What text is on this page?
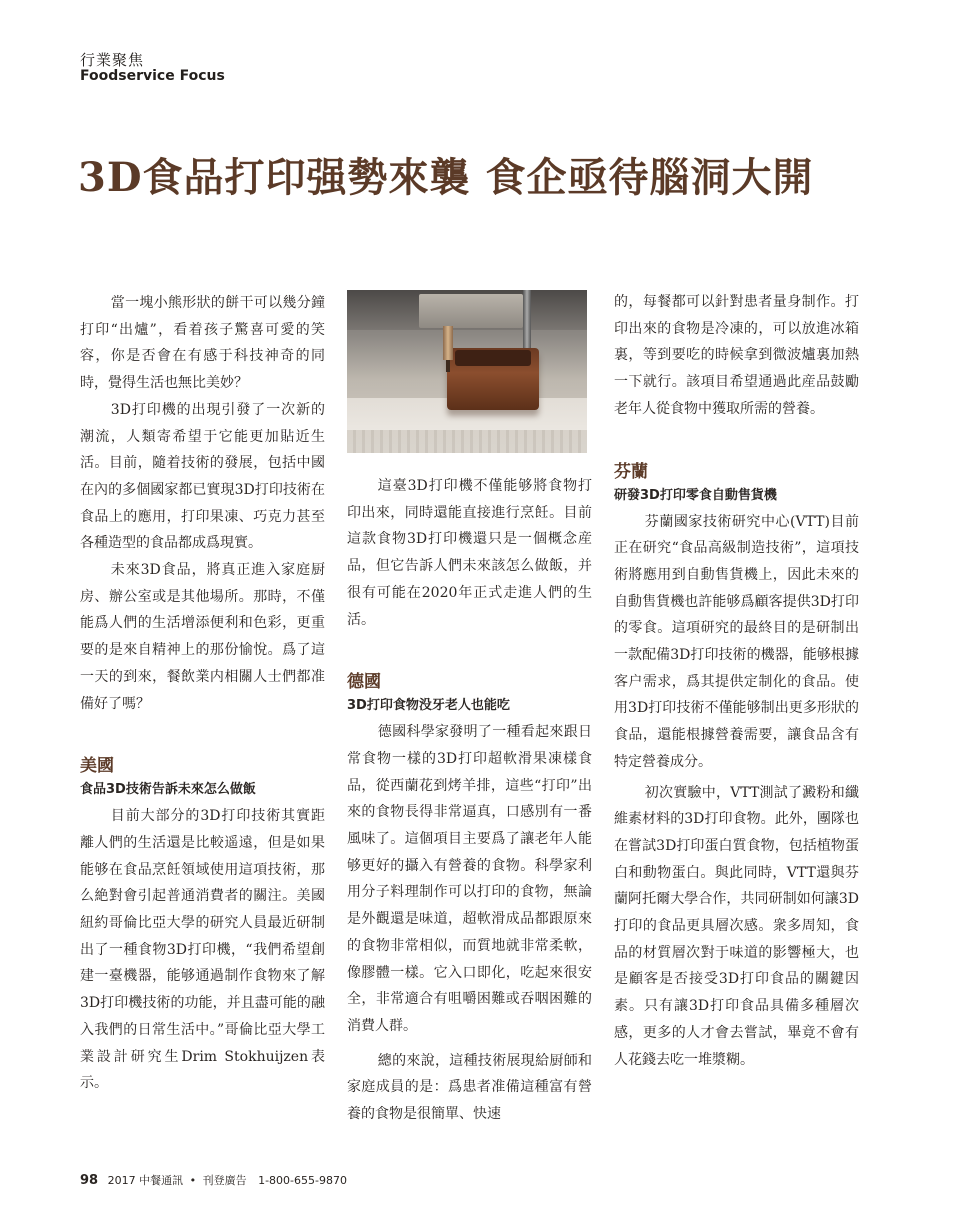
行業聚焦
Foodservice Focus
3D食品打印强勢來襲 食企亟待腦洞大開

當一塊小熊形狀的餅干可以幾分鐘打印“出爐”，看着孩子驚喜可愛的笑容，你是否會在有感于科技神奇的同時，覺得生活也無比美妙？

3D打印機的出現引發了一次新的潮流，人類寄希望于它能更加貼近生活。目前，隨着技術的發展，包括中國在內的多個國家都已實現3D打印技術在食品上的應用，打印果凍、巧克力甚至各種造型的食品都成爲現實。

未來3D食品，將真正進入家庭厨房、辦公室或是其他場所。那時，不僅能爲人們的生活增添便利和色彩，更重要的是來自精神上的那份愉悅。爲了這一天的到來，餐飲業内相關人士們都准備好了嗎？

美國
食品3D技術告訴未來怎么做飯

目前大部分的3D打印技術其實距離人們的生活還是比較遥遠，但是如果能够在食品烹飪領域使用這項技術，那么絶對會引起普通消費者的關注。美國紐約哥倫比亞大學的研究人員最近研制出了一種食物3D打印機，“我們希望創建一臺機器，能够通過制作食物來了解3D打印機技術的功能，并且盡可能的融入我們的日常生活中。”哥倫比亞大學工業設計研究生Drim Stokhuijzen表示。

這臺3D打印機不僅能够將食物打印出來，同時還能直接進行烹飪。目前這款食物3D打印機還只是一個概念産品，但它告訴人們未來該怎么做飯，并很有可能在2020年正式走進人們的生活。

德國
3D打印食物没牙老人也能吃

德國科學家發明了一種看起來跟日常食物一樣的3D打印超軟滑果凍樣食品，從西蘭花到烤羊排，這些“打印”出來的食物長得非常逼真，口感別有一番風味了。這個項目主要爲了讓老年人能够更好的攝入有營養的食物。科學家利用分子料理制作可以打印的食物，無論是外觀還是味道，超軟滑成品都跟原來的食物非常相似，而質地就非常柔軟，像膠體一樣。它入口即化，吃起來很安全，非常適合有咀嚼困難或吞咽困難的消費人群。

總的來說，這種技術展現給厨師和家庭成員的是：爲患者准備這種富有營養的食物是很簡單、快速

的，每餐都可以針對患者量身制作。打印出來的食物是冷凍的，可以放進冰箱裏，等到要吃的時候拿到微波爐裏加熱一下就行。該項目希望通過此産品鼓勵老年人從食物中獲取所需的營養。

芬蘭
研發3D打印零食自動售貨機

芬蘭國家技術研究中心(VTT)目前正在研究“食品高級制造技術”，這項技術將應用到自動售貨機上，因此未來的自動售貨機也許能够爲顧客提供3D打印的零食。這項研究的最終目的是研制出一款配備3D打印技術的機器，能够根據客户需求，爲其提供定制化的食品。使用3D打印技術不僅能够制出更多形狀的食品，還能根據營養需要，讓食品含有特定營養成分。

初次實驗中，VTT測試了澱粉和纖維素材料的3D打印食物。此外，團隊也在嘗試3D打印蛋白質食物，包括植物蛋白和動物蛋白。與此同時，VTT還與芬蘭阿托爾大學合作，共同研制如何讓3D打印的食品更具層次感。衆多周知，食品的材質層次對于味道的影響極大，也是顧客是否接受3D打印食品的關鍵因素。只有讓3D打印食品具備多種層次感，更多的人才會去嘗試，畢竟不會有人花錢去吃一堆漿糊。

98 2017 中餐通訊 • 刊登廣告 1-800-655-9870
